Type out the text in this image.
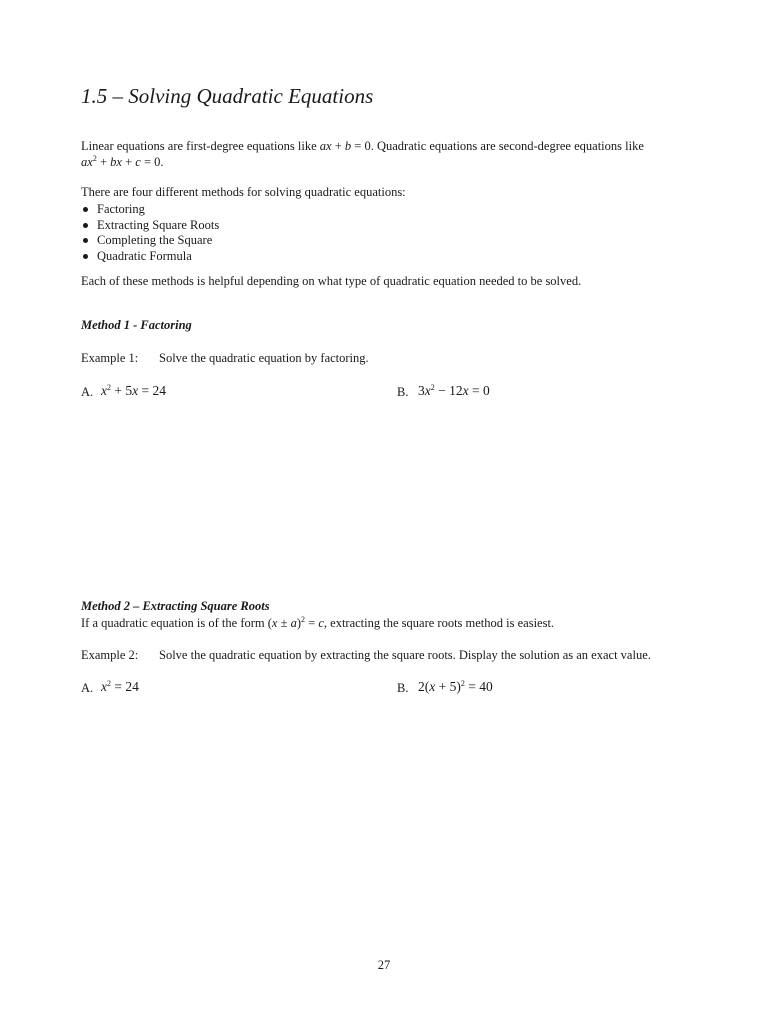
1.5 – Solving Quadratic Equations
Linear equations are first-degree equations like ax + b = 0. Quadratic equations are second-degree equations like
$ax^2$ + bx + c = 0.
There are four different methods for solving quadratic equations:
Factoring
Extracting Square Roots
Completing the Square
Quadratic Formula
Each of these methods is helpful depending on what type of quadratic equation needed to be solved.
Method 1 - Factoring
Example 1: Solve the quadratic equation by factoring.
A. $x^2 + 5x = 24$	B. $3x^2 - 12x = 0$
Method 2 – Extracting Square Roots
If a quadratic equation is of the form $(x \pm a)^2 = c$, extracting the square roots method is easiest.
Example 2: Solve the quadratic equation by extracting the square roots. Display the solution as an exact value.
A. $x^2 = 24$	B. $2(x + 5)^2 = 40$
27
